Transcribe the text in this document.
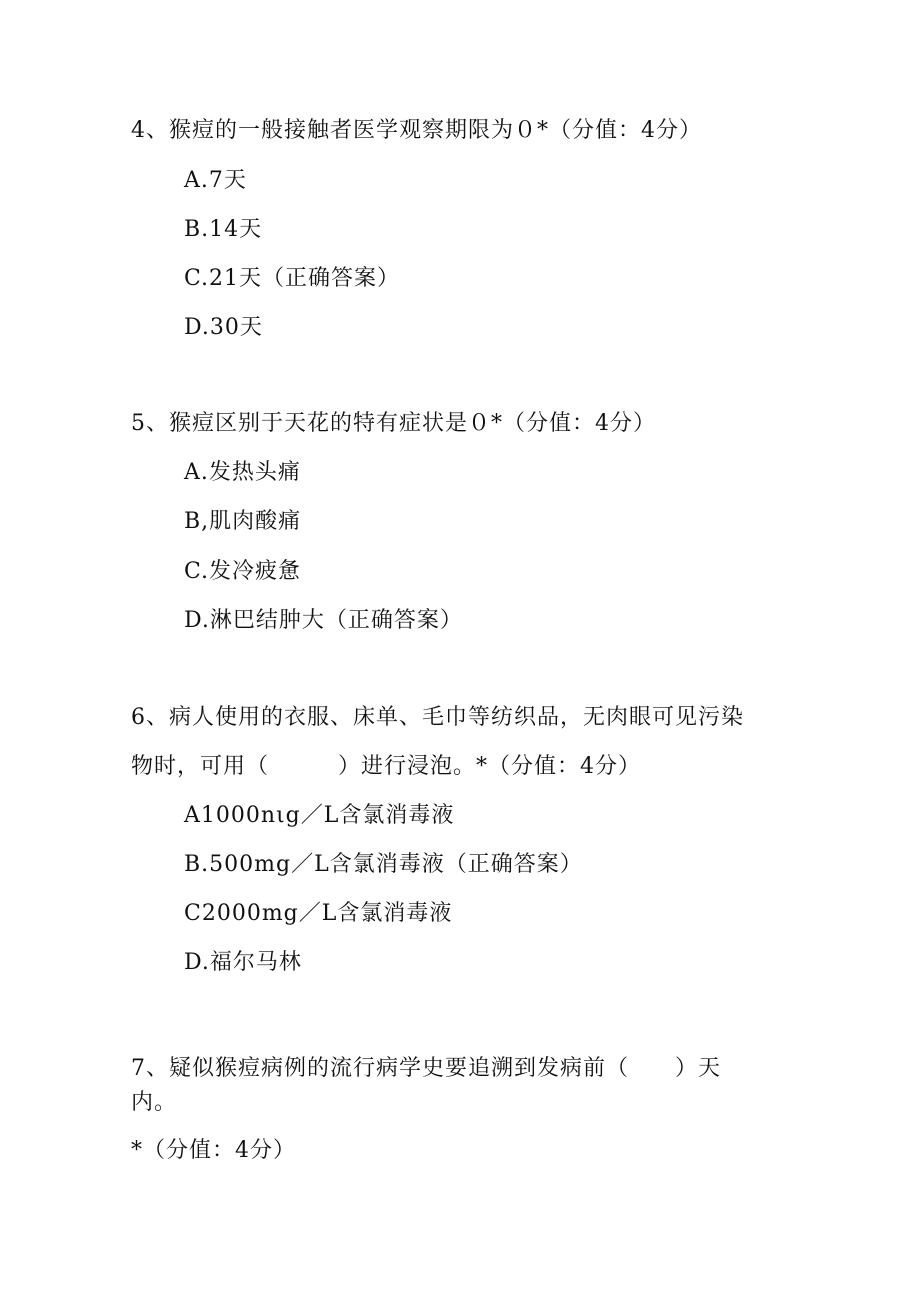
4、猴痘的一般接触者医学观察期限为０*（分值：4分）
A.7天
B.14天
C.21天（正确答案）
D.30天
5、猴痘区别于天花的特有症状是０*（分值：4分）
A.发热头痛
B,肌肉酸痛
C.发冷疲惫
D.淋巴结肿大（正确答案）
6、病人使用的衣服、床单、毛巾等纺织品，无肉眼可见污染
物时，可用（　　　）进行浸泡。*（分值：4分）
A1000nιg／L含氯消毒液
B.500mg／L含氯消毒液（正确答案）
C2000mg／L含氯消毒液
D.福尔马林
7、疑似猴痘病例的流行病学史要追溯到发病前（　　）天
内。
*（分值：4分）
